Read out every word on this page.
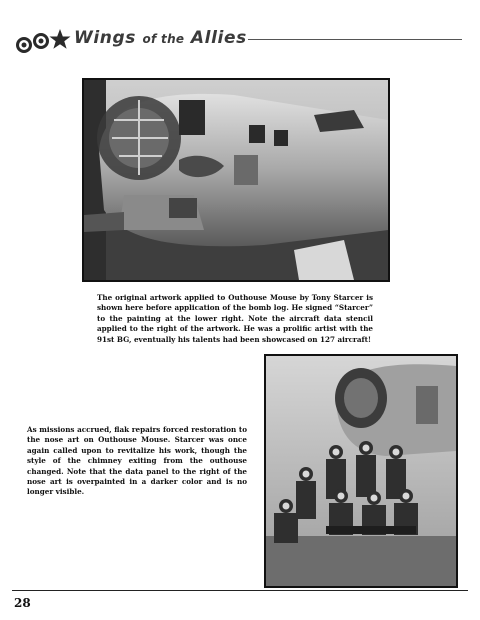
Wings of the Allies
The original artwork applied to Outhouse Mouse by Tony Starcer is shown here before application of the bomb log. He signed “Starcer” to the painting at the lower right. Note the aircraft data stencil applied to the right of the artwork. He was a prolific artist with the 91st BG, eventually his talents had been showcased on 127 aircraft!
As missions accrued, flak repairs forced restoration to the nose art on Outhouse Mouse. Starcer was once again called upon to revitalize his work, though the style of the chimney exiting from the outhouse changed. Note that the data panel to the right of the nose art is overpainted in a darker color and is no longer visible.
28
